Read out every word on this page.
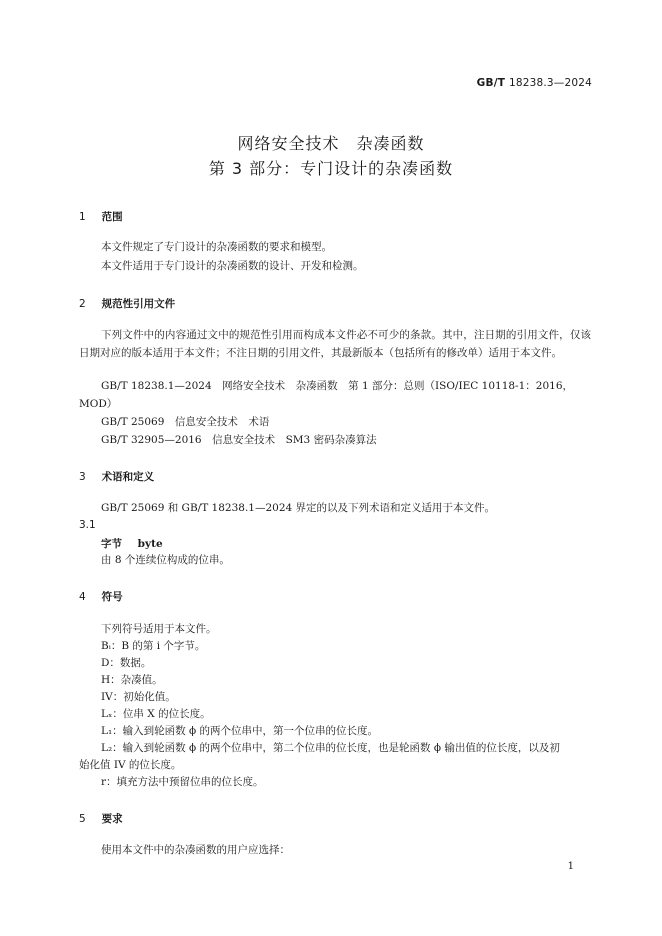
GB/T 18238.3—2024
网络安全技术　杂凑函数
第 3 部分：专门设计的杂凑函数
1 范围
本文件规定了专门设计的杂凑函数的要求和模型。
本文件适用于专门设计的杂凑函数的设计、开发和检测。
2 规范性引用文件
下列文件中的内容通过文中的规范性引用而构成本文件必不可少的条款。其中，注日期的引用文件，仅该日期对应的版本适用于本文件；不注日期的引用文件，其最新版本（包括所有的修改单）适用于本文件。
GB/T 18238.1—2024　网络安全技术　杂凑函数　第 1 部分：总则（ISO/IEC 10118-1：2016，
MOD）
GB/T 25069　信息安全技术　术语
GB/T 32905—2016　信息安全技术　SM3 密码杂凑算法
3 术语和定义
GB/T 25069 和 GB/T 18238.1—2024 界定的以及下列术语和定义适用于本文件。
3.1
字节 byte
由 8 个连续位构成的位串。
4 符号
下列符号适用于本文件。
Bᵢ：B 的第 i 个字节。
D：数据。
H：杂凑值。
IV：初始化值。
Lₓ：位串 X 的位长度。
L₁：输入到轮函数 ϕ 的两个位串中，第一个位串的位长度。
L₂：输入到轮函数 ϕ 的两个位串中，第二个位串的位长度，也是轮函数 ϕ 输出值的位长度，以及初
始化值 IV 的位长度。
r：填充方法中预留位串的位长度。
5 要求
使用本文件中的杂凑函数的用户应选择：
1
